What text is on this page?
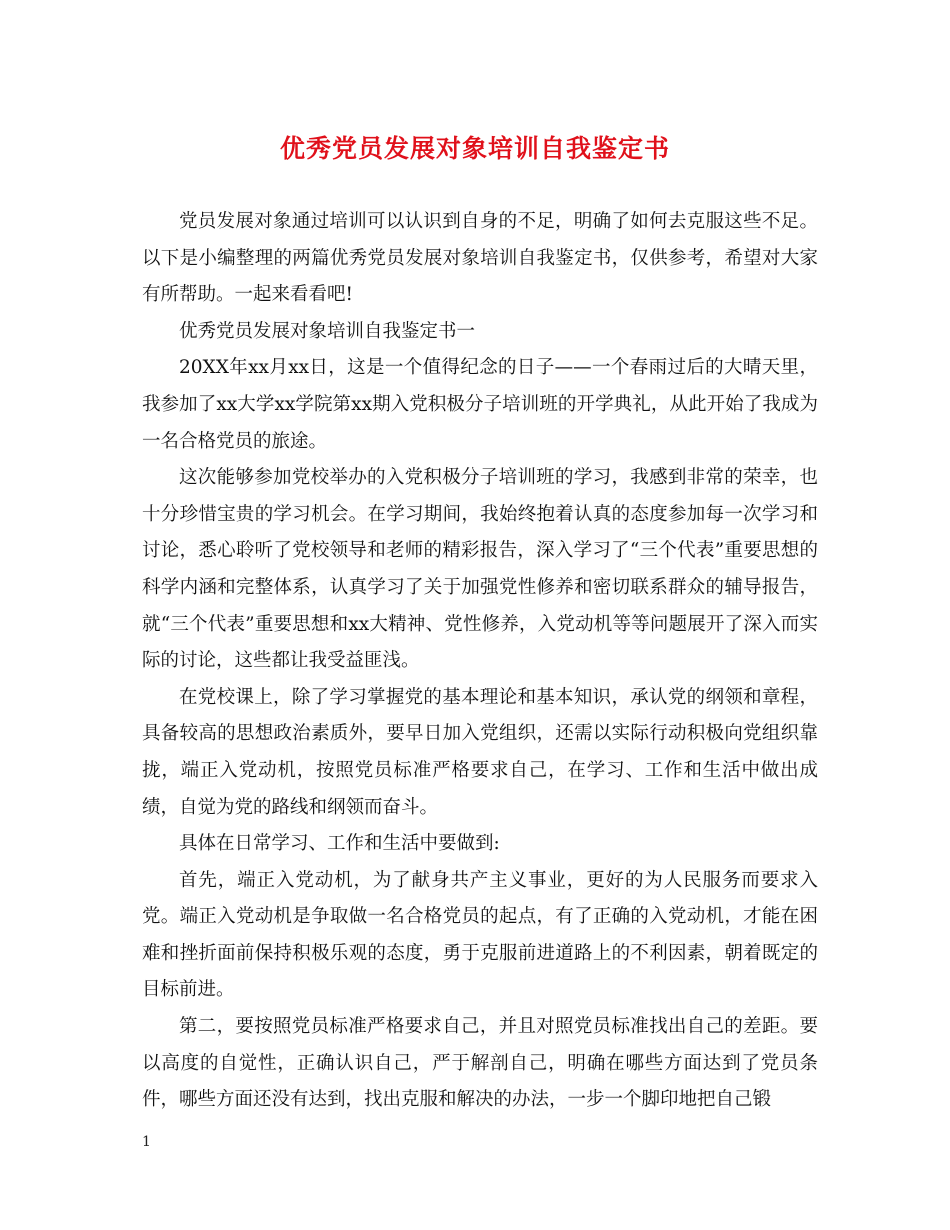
优秀党员发展对象培训自我鉴定书

党员发展对象通过培训可以认识到自身的不足，明确了如何去克服这些不足。以下是小编整理的两篇优秀党员发展对象培训自我鉴定书，仅供参考，希望对大家有所帮助。一起来看看吧!

优秀党员发展对象培训自我鉴定书一

20XX年xx月xx日，这是一个值得纪念的日子——一个春雨过后的大晴天里，我参加了xx大学xx学院第xx期入党积极分子培训班的开学典礼，从此开始了我成为一名合格党员的旅途。

这次能够参加党校举办的入党积极分子培训班的学习，我感到非常的荣幸，也十分珍惜宝贵的学习机会。在学习期间，我始终抱着认真的态度参加每一次学习和讨论，悉心聆听了党校领导和老师的精彩报告，深入学习了“三个代表”重要思想的科学内涵和完整体系，认真学习了关于加强党性修养和密切联系群众的辅导报告，就“三个代表”重要思想和xx大精神、党性修养，入党动机等等问题展开了深入而实际的讨论，这些都让我受益匪浅。

在党校课上，除了学习掌握党的基本理论和基本知识，承认党的纲领和章程，具备较高的思想政治素质外，要早日加入党组织，还需以实际行动积极向党组织靠拢，端正入党动机，按照党员标准严格要求自己，在学习、工作和生活中做出成绩，自觉为党的路线和纲领而奋斗。

具体在日常学习、工作和生活中要做到:

首先，端正入党动机，为了献身共产主义事业，更好的为人民服务而要求入党。端正入党动机是争取做一名合格党员的起点，有了正确的入党动机，才能在困难和挫折面前保持积极乐观的态度，勇于克服前进道路上的不利因素，朝着既定的目标前进。

第二，要按照党员标准严格要求自己，并且对照党员标准找出自己的差距。要以高度的自觉性，正确认识自己，严于解剖自己，明确在哪些方面达到了党员条件，哪些方面还没有达到，找出克服和解决的办法，一步一个脚印地把自己锻

1
